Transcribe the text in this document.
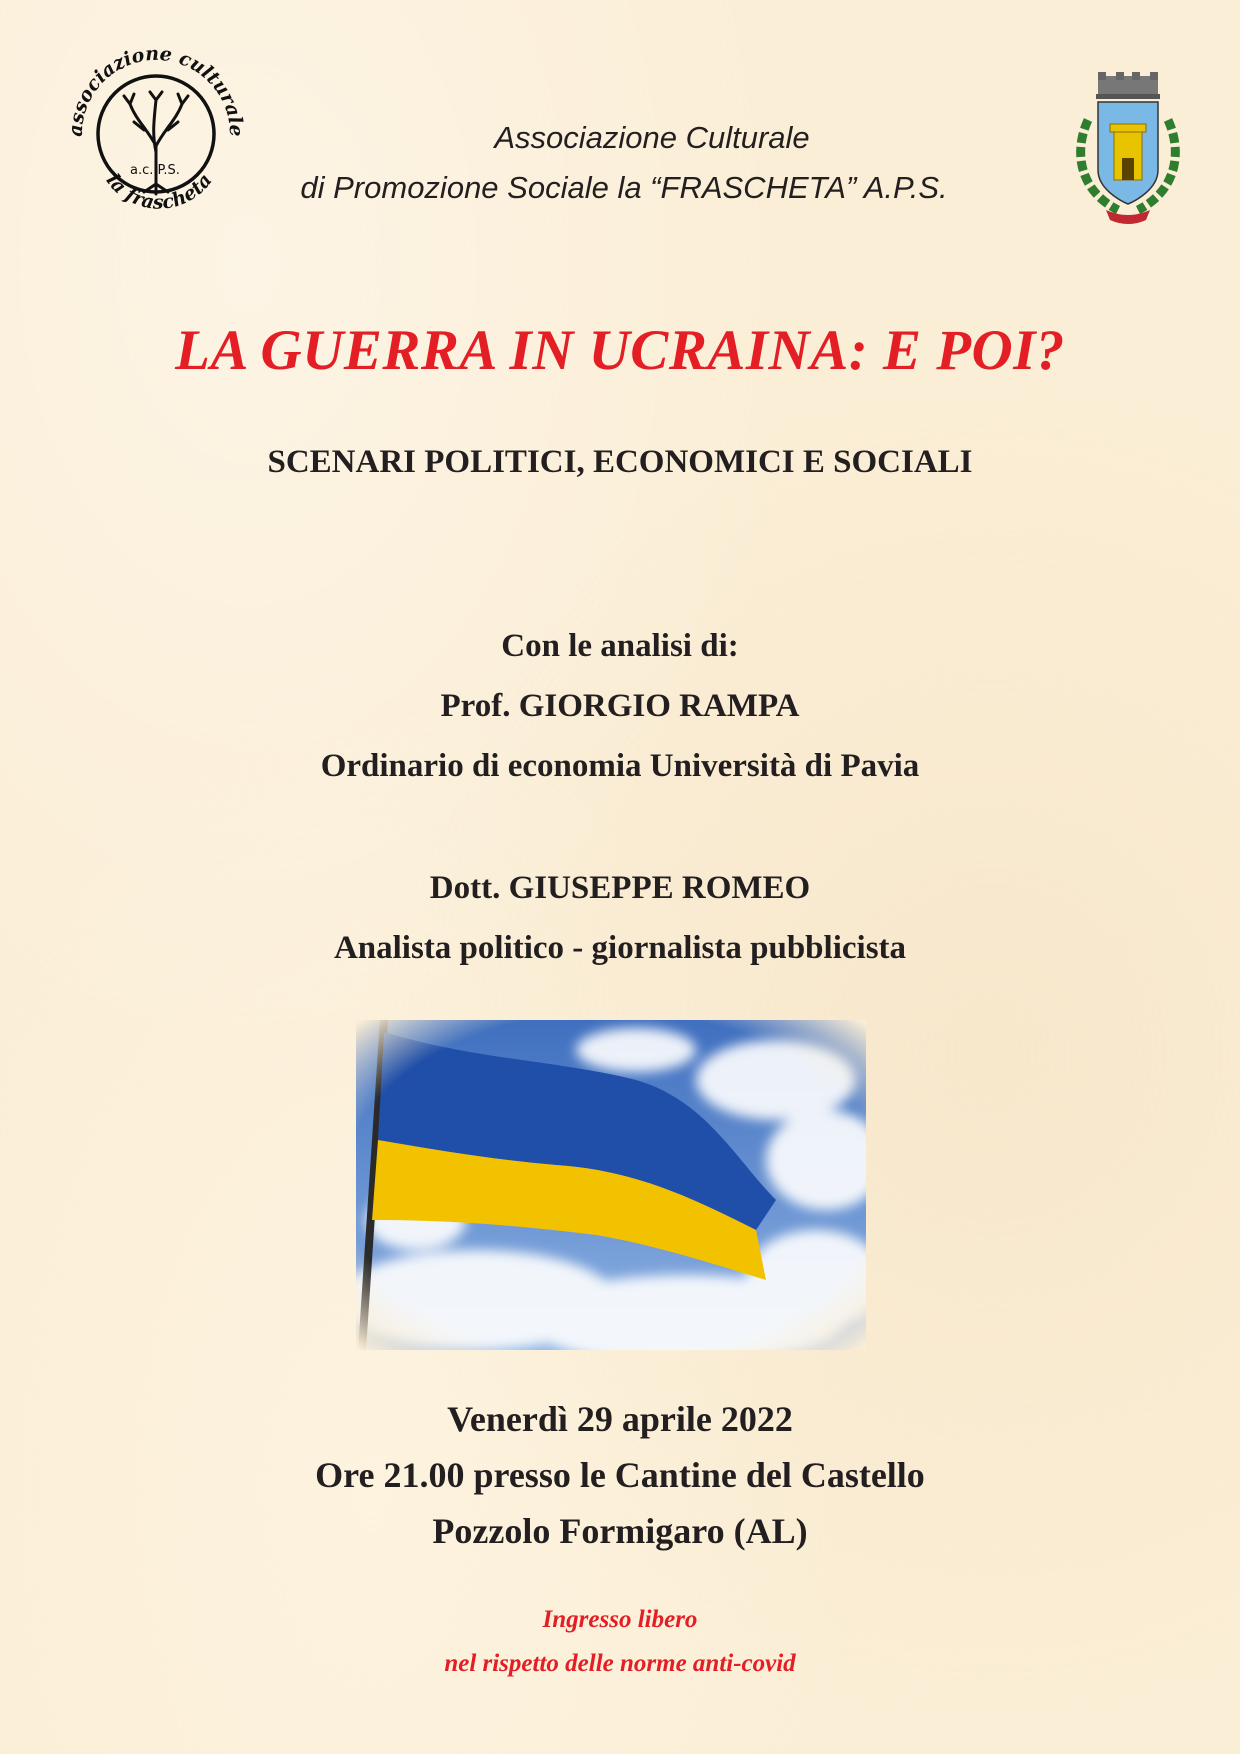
associazione culturale
la frascheta
a.c. P.S.
Associazione Culturale
di Promozione Sociale la “FRASCHETA” A.P.S.
LA GUERRA IN UCRAINA: E POI?
SCENARI POLITICI, ECONOMICI E SOCIALI
Con le analisi di:
Prof. GIORGIO RAMPA
Ordinario di economia Università di Pavia
Dott. GIUSEPPE ROMEO
Analista politico - giornalista pubblicista
Venerdì 29 aprile 2022
Ore 21.00 presso le Cantine del Castello
Pozzolo Formigaro (AL)
Ingresso libero
nel rispetto delle norme anti-covid
